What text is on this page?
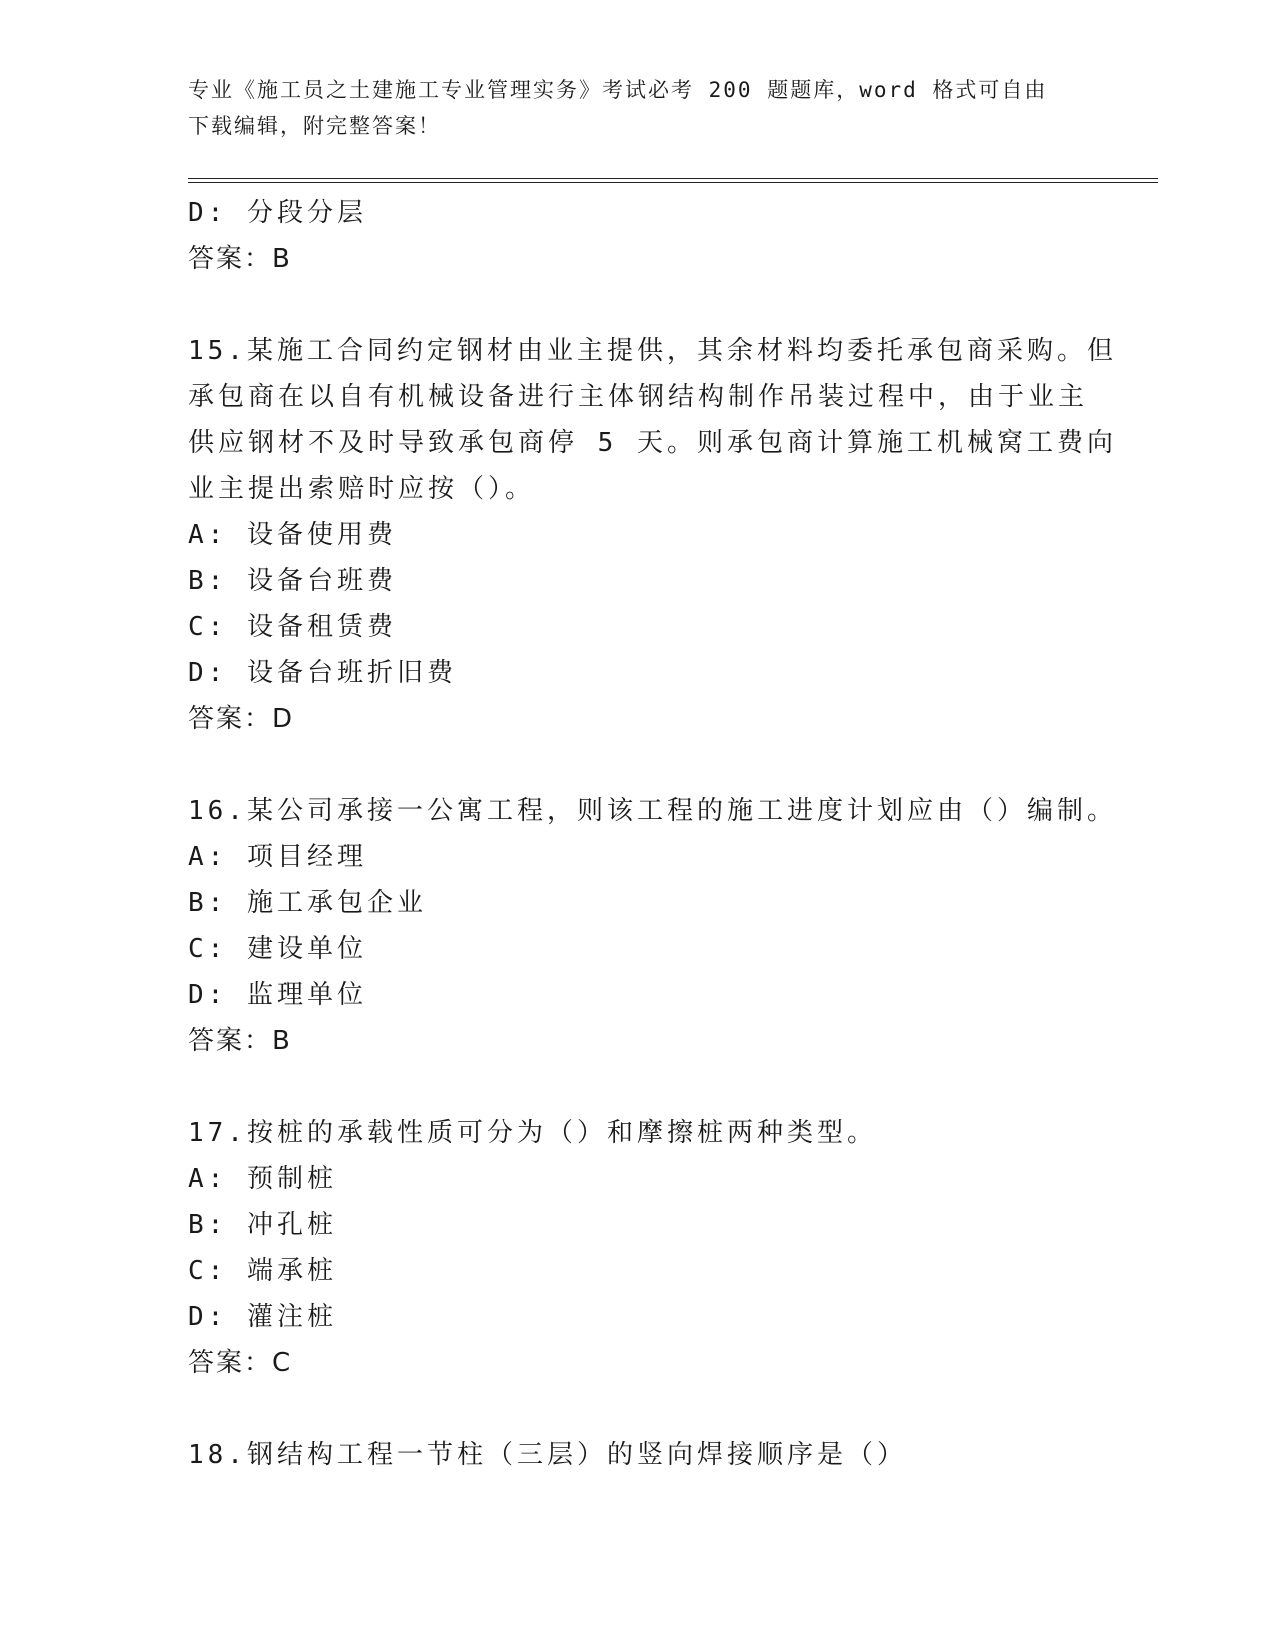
专业《施工员之土建施工专业管理实务》考试必考 200 题题库，word 格式可自由
下载编辑，附完整答案！
D: 分段分层
答案：B
15.某施工合同约定钢材由业主提供，其余材料均委托承包商采购。但
承包商在以自有机械设备进行主体钢结构制作吊装过程中，由于业主
供应钢材不及时导致承包商停 5 天。则承包商计算施工机械窝工费向
业主提出索赔时应按（）。
A: 设备使用费
B: 设备台班费
C: 设备租赁费
D: 设备台班折旧费
答案：D
16.某公司承接一公寓工程，则该工程的施工进度计划应由（）编制。
A: 项目经理
B: 施工承包企业
C: 建设单位
D: 监理单位
答案：B
17.按桩的承载性质可分为（）和摩擦桩两种类型。
A: 预制桩
B: 冲孔桩
C: 端承桩
D: 灌注桩
答案：C
18.钢结构工程一节柱（三层）的竖向焊接顺序是（）
